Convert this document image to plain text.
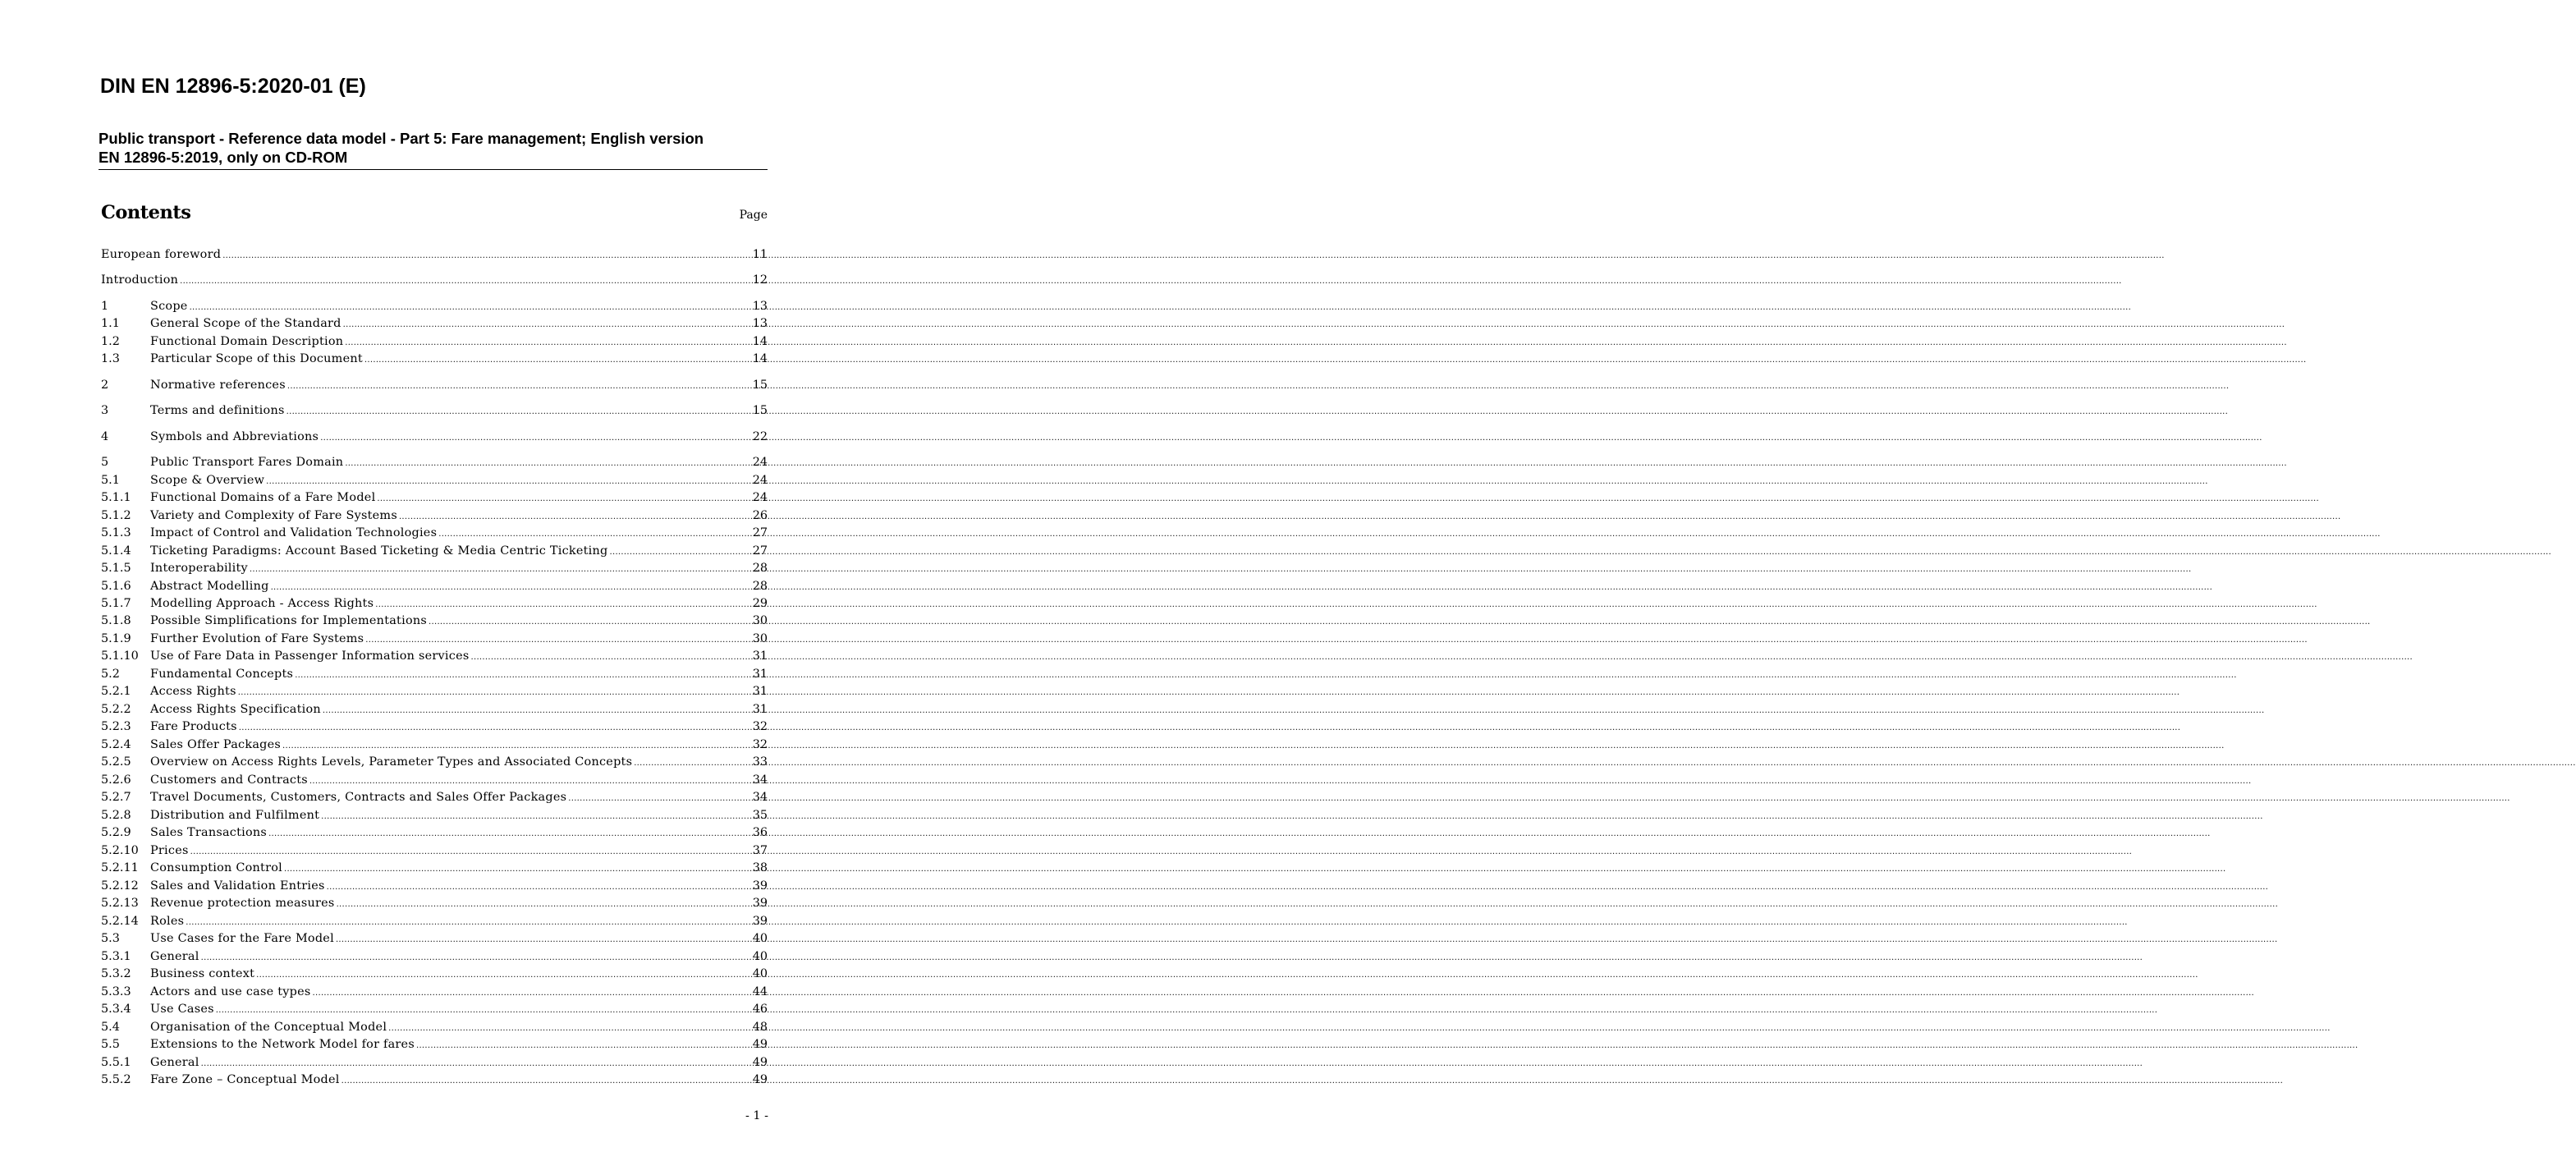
DIN EN 12896-5:2020-01 (E)
Public transport - Reference data model - Part 5: Fare management; English version
EN 12896-5:2019, only on CD-ROM
Contents	Page
European foreword .....	11
Introduction .....	12
1	Scope .....	13
1.1	General Scope of the Standard .....	13
1.2	Functional Domain Description .....	14
1.3	Particular Scope of this Document .....	14
2	Normative references .....	15
3	Terms and definitions .....	15
4	Symbols and Abbreviations .....	22
5	Public Transport Fares Domain .....	24
5.1	Scope & Overview .....	24
5.1.1	Functional Domains of a Fare Model .....	24
5.1.2	Variety and Complexity of Fare Systems .....	26
5.1.3	Impact of Control and Validation Technologies .....	27
5.1.4	Ticketing Paradigms: Account Based Ticketing & Media Centric Ticketing .....	27
5.1.5	Interoperability .....	28
5.1.6	Abstract Modelling .....	28
5.1.7	Modelling Approach - Access Rights .....	29
5.1.8	Possible Simplifications for Implementations .....	30
5.1.9	Further Evolution of Fare Systems .....	30
5.1.10 Use of Fare Data in Passenger Information services .....	31
5.2	Fundamental Concepts .....	31
5.2.1	Access Rights .....	31
5.2.2	Access Rights Specification .....	31
5.2.3	Fare Products .....	32
5.2.4	Sales Offer Packages .....	32
5.2.5	Overview on Access Rights Levels, Parameter Types and Associated Concepts .....	33
5.2.6	Customers and Contracts .....	34
5.2.7	Travel Documents, Customers, Contracts and Sales Offer Packages .....	34
5.2.8	Distribution and Fulfilment .....	35
5.2.9	Sales Transactions .....	36
5.2.10 Prices .....	37
5.2.11 Consumption Control .....	38
5.2.12 Sales and Validation Entries .....	39
5.2.13 Revenue protection measures .....	39
5.2.14 Roles .....	39
5.3	Use Cases for the Fare Model .....	40
5.3.1	General .....	40
5.3.2	Business context .....	40
5.3.3	Actors and use case types .....	44
5.3.4	Use Cases .....	46
5.4	Organisation of the Conceptual Model .....	48
5.5	Extensions to the Network Model for fares .....	49
5.5.1	General .....	49
5.5.2	Fare Zone – Conceptual Model .....	49
- 1 -
